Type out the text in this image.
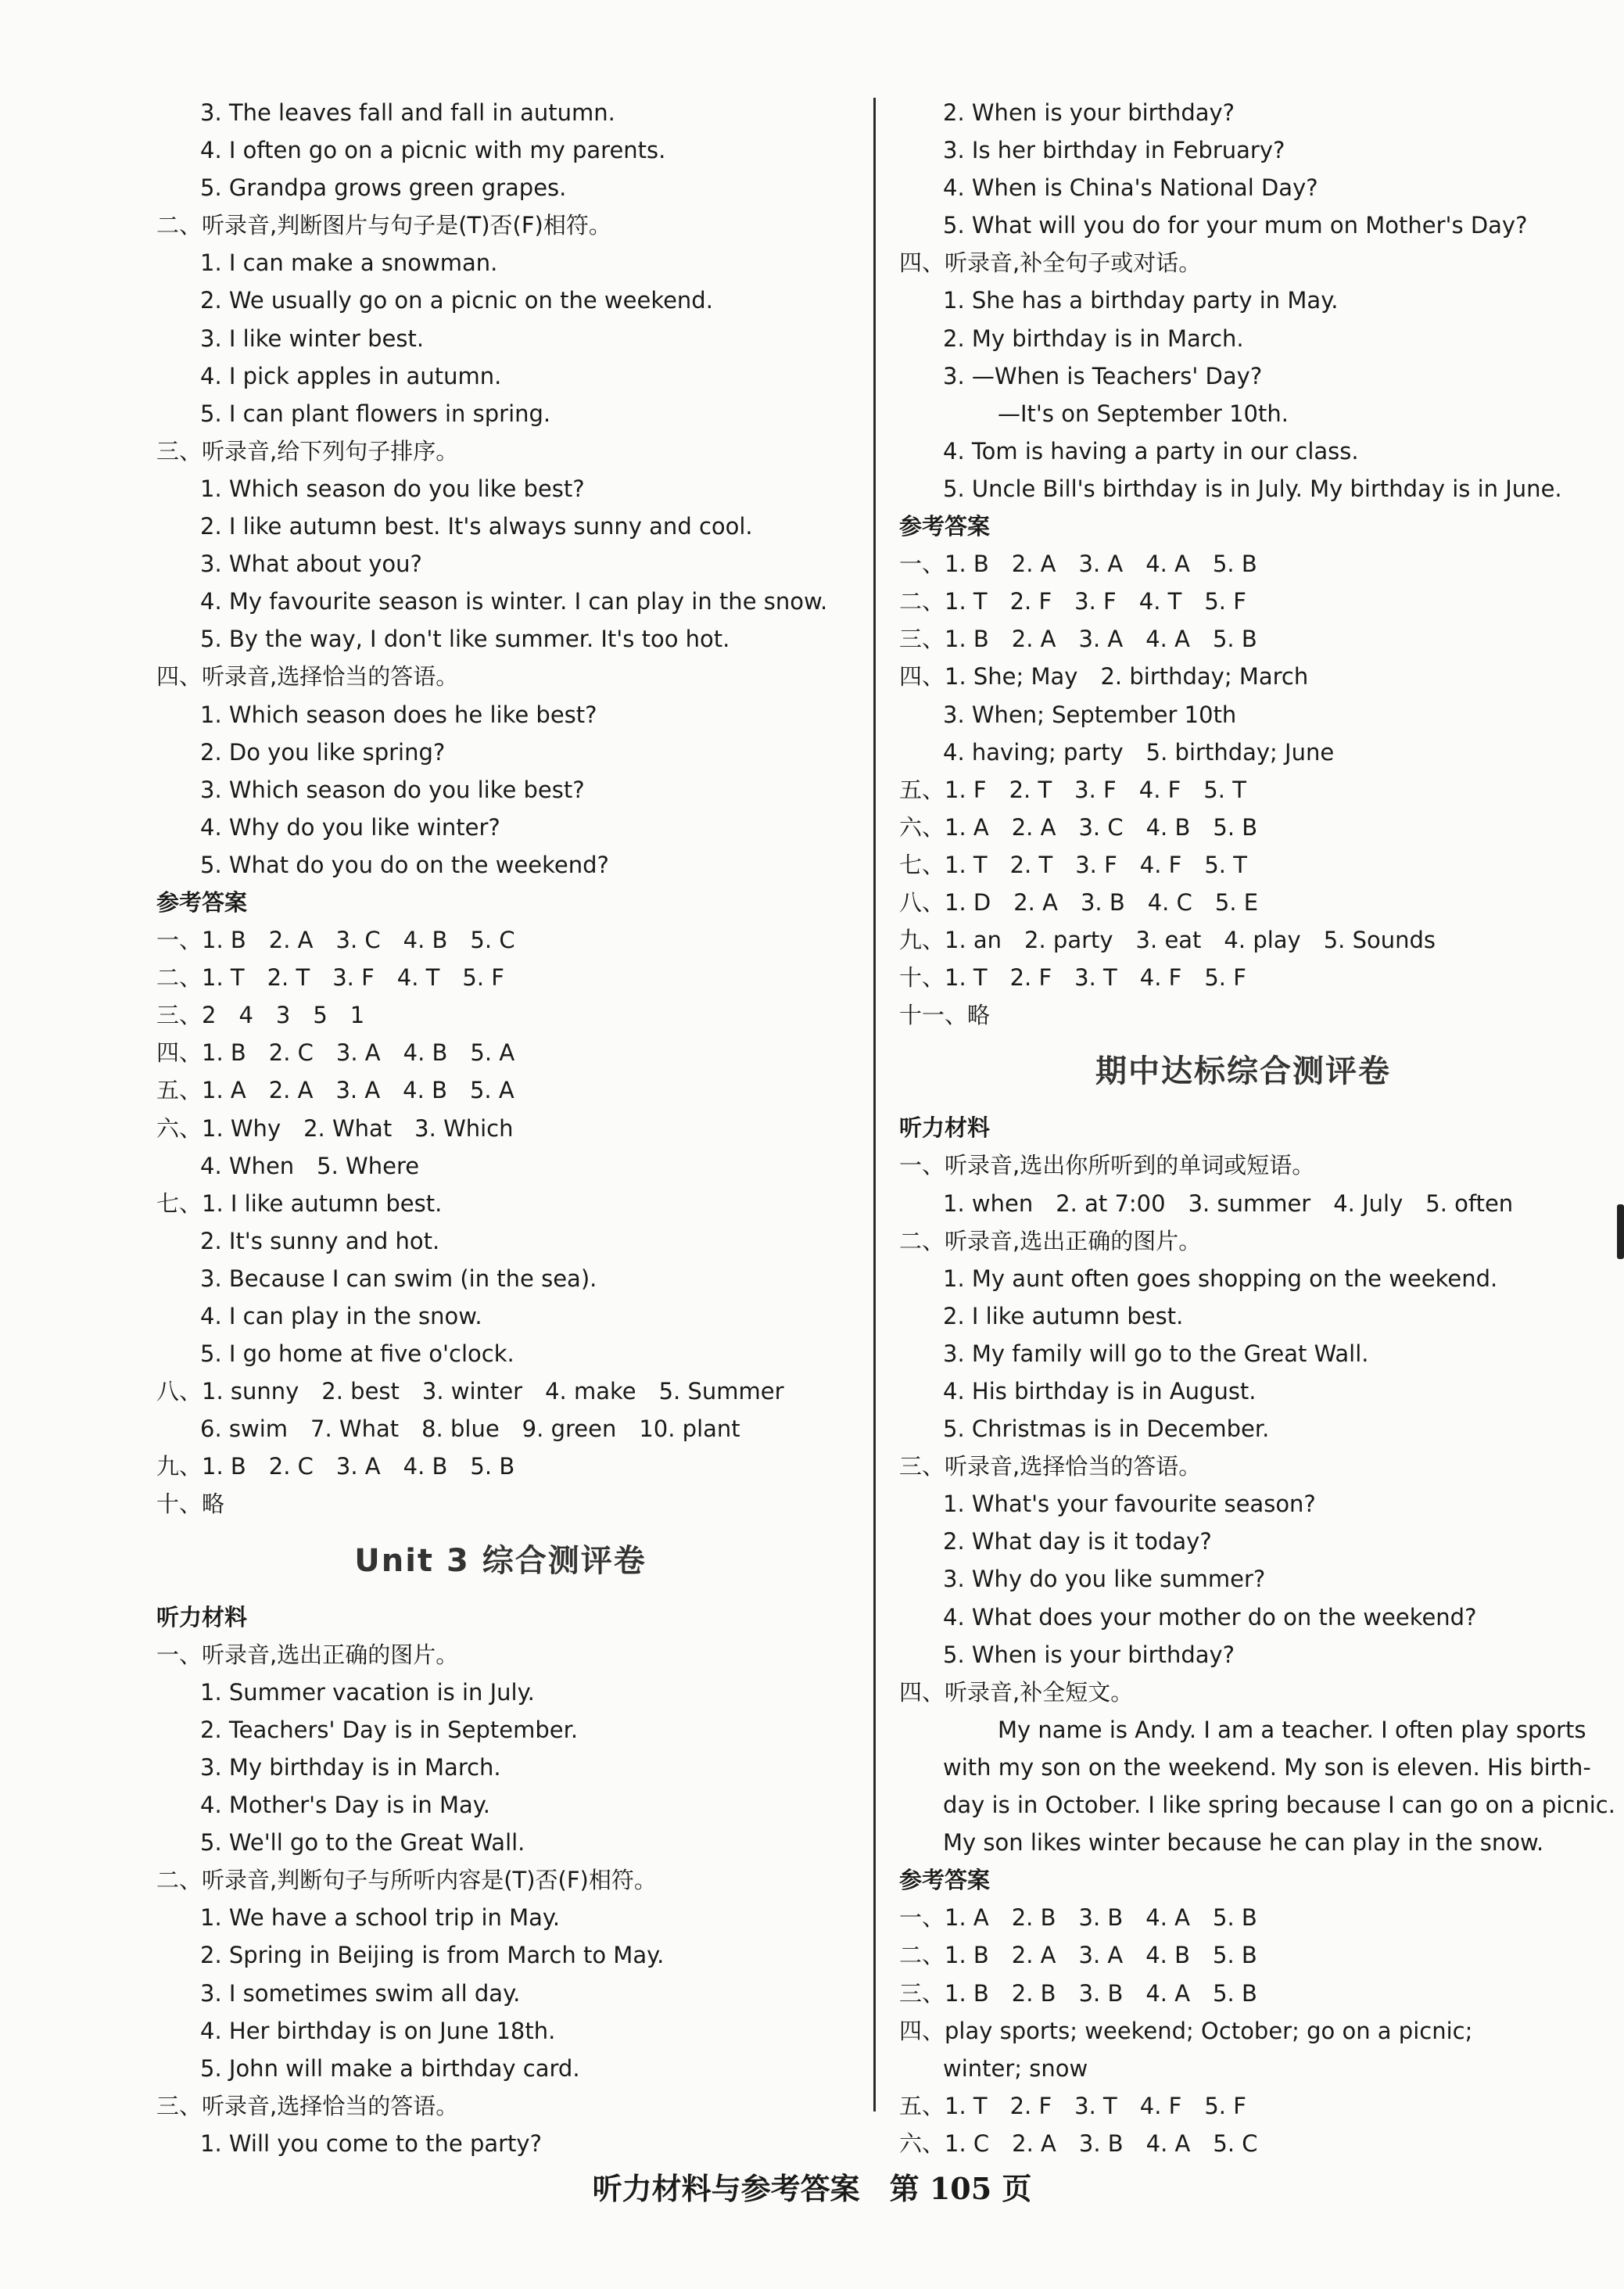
3. The leaves fall and fall in autumn.
4. I often go on a picnic with my parents.
5. Grandpa grows green grapes.
二、听录音,判断图片与句子是(T)否(F)相符。
1. I can make a snowman.
2. We usually go on a picnic on the weekend.
3. I like winter best.
4. I pick apples in autumn.
5. I can plant flowers in spring.
三、听录音,给下列句子排序。
1. Which season do you like best?
2. I like autumn best. It's always sunny and cool.
3. What about you?
4. My favourite season is winter. I can play in the snow.
5. By the way, I don't like summer. It's too hot.
四、听录音,选择恰当的答语。
1. Which season does he like best?
2. Do you like spring?
3. Which season do you like best?
4. Why do you like winter?
5. What do you do on the weekend?
参考答案
一、1. B　2. A　3. C　4. B　5. C
二、1. T　2. T　3. F　4. T　5. F
三、2　4　3　5　1
四、1. B　2. C　3. A　4. B　5. A
五、1. A　2. A　3. A　4. B　5. A
六、1. Why　2. What　3. Which
4. When　5. Where
七、1. I like autumn best.
2. It's sunny and hot.
3. Because I can swim (in the sea).
4. I can play in the snow.
5. I go home at five o'clock.
八、1. sunny　2. best　3. winter　4. make　5. Summer
6. swim　7. What　8. blue　9. green　10. plant
九、1. B　2. C　3. A　4. B　5. B
十、略
Unit 3 综合测评卷
听力材料
一、听录音,选出正确的图片。
1. Summer vacation is in July.
2. Teachers' Day is in September.
3. My birthday is in March.
4. Mother's Day is in May.
5. We'll go to the Great Wall.
二、听录音,判断句子与所听内容是(T)否(F)相符。
1. We have a school trip in May.
2. Spring in Beijing is from March to May.
3. I sometimes swim all day.
4. Her birthday is on June 18th.
5. John will make a birthday card.
三、听录音,选择恰当的答语。
1. Will you come to the party?
2. When is your birthday?
3. Is her birthday in February?
4. When is China's National Day?
5. What will you do for your mum on Mother's Day?
四、听录音,补全句子或对话。
1. She has a birthday party in May.
2. My birthday is in March.
3. —When is Teachers' Day?
—It's on September 10th.
4. Tom is having a party in our class.
5. Uncle Bill's birthday is in July. My birthday is in June.
参考答案
一、1. B　2. A　3. A　4. A　5. B
二、1. T　2. F　3. F　4. T　5. F
三、1. B　2. A　3. A　4. A　5. B
四、1. She; May　2. birthday; March
3. When; September 10th
4. having; party　5. birthday; June
五、1. F　2. T　3. F　4. F　5. T
六、1. A　2. A　3. C　4. B　5. B
七、1. T　2. T　3. F　4. F　5. T
八、1. D　2. A　3. B　4. C　5. E
九、1. an　2. party　3. eat　4. play　5. Sounds
十、1. T　2. F　3. T　4. F　5. F
十一、略
期中达标综合测评卷
听力材料
一、听录音,选出你所听到的单词或短语。
1. when　2. at 7:00　3. summer　4. July　5. often
二、听录音,选出正确的图片。
1. My aunt often goes shopping on the weekend.
2. I like autumn best.
3. My family will go to the Great Wall.
4. His birthday is in August.
5. Christmas is in December.
三、听录音,选择恰当的答语。
1. What's your favourite season?
2. What day is it today?
3. Why do you like summer?
4. What does your mother do on the weekend?
5. When is your birthday?
四、听录音,补全短文。
My name is Andy. I am a teacher. I often play sports
with my son on the weekend. My son is eleven. His birth-
day is in October. I like spring because I can go on a picnic.
My son likes winter because he can play in the snow.
参考答案
一、1. A　2. B　3. B　4. A　5. B
二、1. B　2. A　3. A　4. B　5. B
三、1. B　2. B　3. B　4. A　5. B
四、play sports; weekend; October; go on a picnic;
winter; snow
五、1. T　2. F　3. T　4. F　5. F
六、1. C　2. A　3. B　4. A　5. C
听力材料与参考答案　第 105 页
